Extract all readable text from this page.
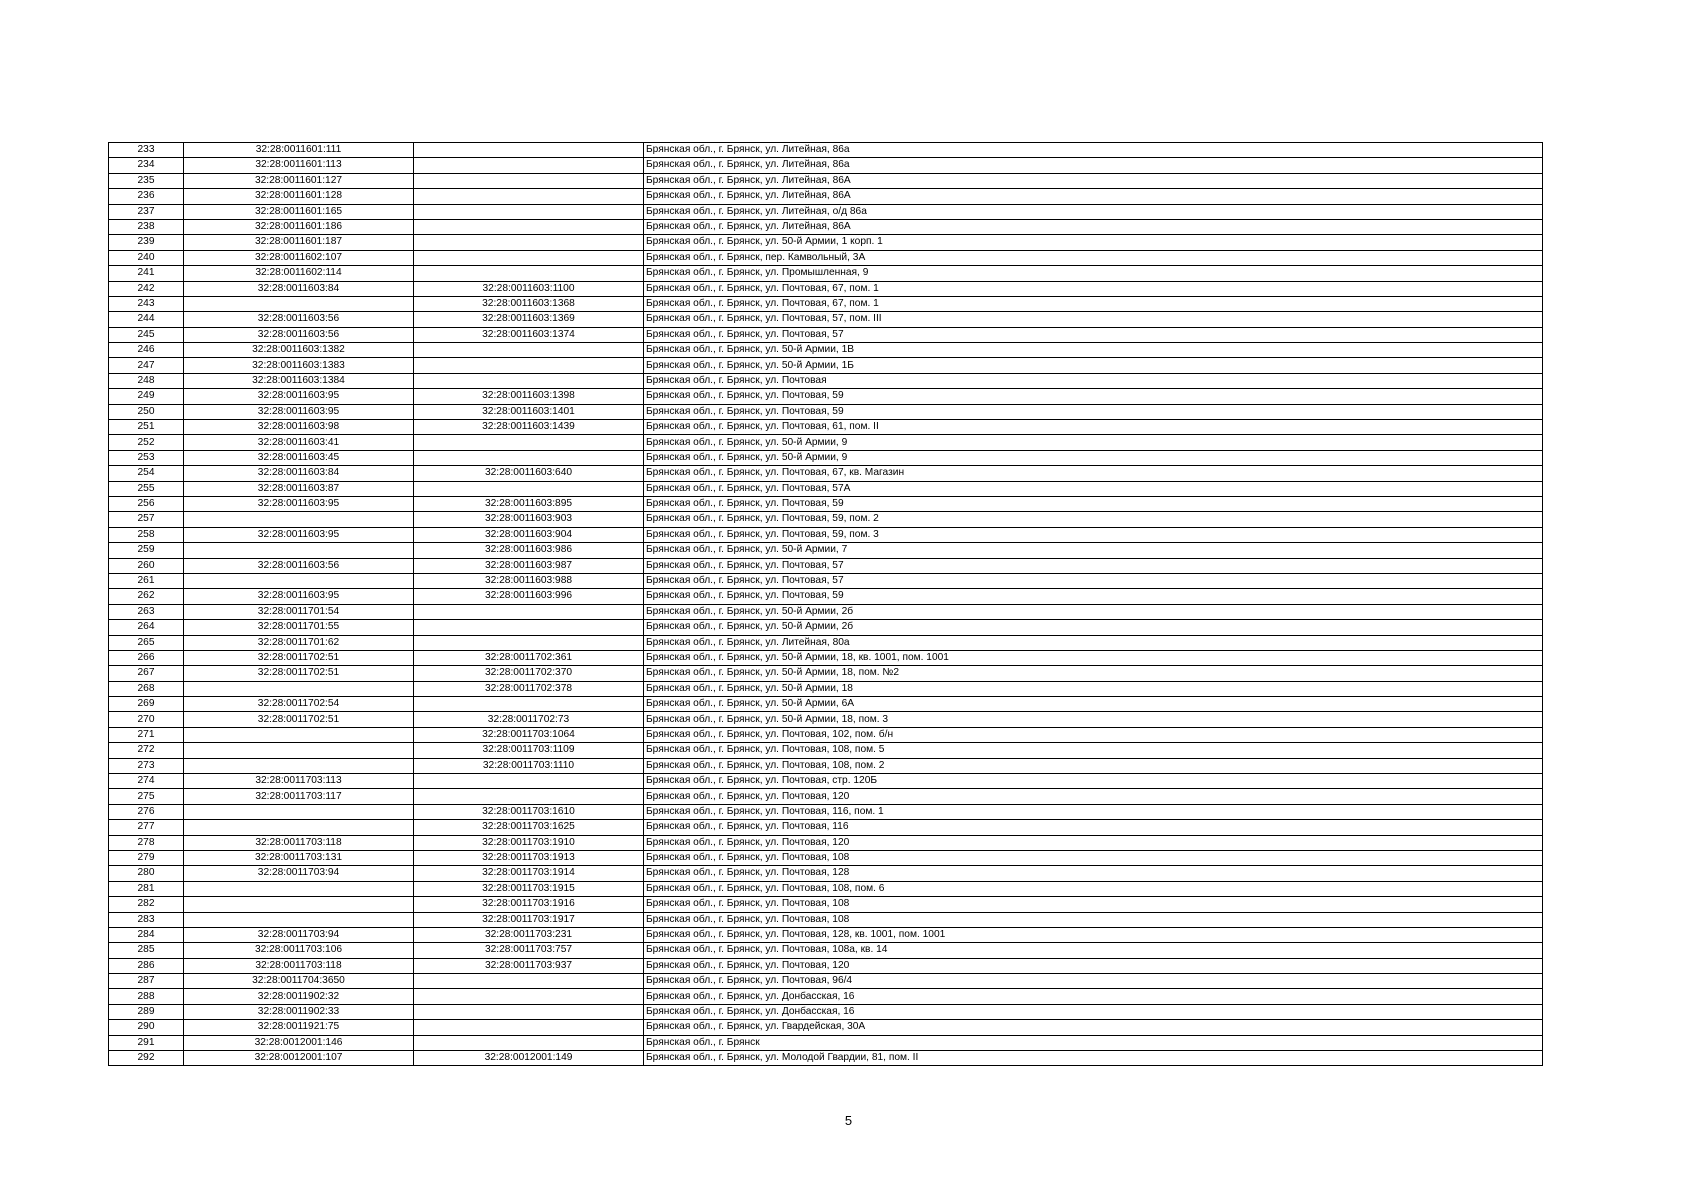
233	32:28:0011601:111		Брянская обл., г. Брянск, ул. Литейная, 86а
234	32:28:0011601:113		Брянская обл., г. Брянск, ул. Литейная, 86а
235	32:28:0011601:127		Брянская обл., г. Брянск, ул. Литейная, 86А
236	32:28:0011601:128		Брянская обл., г. Брянск, ул. Литейная, 86А
237	32:28:0011601:165		Брянская обл., г. Брянск, ул. Литейная, о/д 86а
238	32:28:0011601:186		Брянская обл., г. Брянск, ул. Литейная, 86А
239	32:28:0011601:187		Брянская обл., г. Брянск, ул. 50-й Армии, 1 корп. 1
240	32:28:0011602:107		Брянская обл., г. Брянск, пер. Камвольный, 3А
241	32:28:0011602:114		Брянская обл., г. Брянск, ул. Промышленная, 9
242	32:28:0011603:84	32:28:0011603:1100	Брянская обл., г. Брянск, ул. Почтовая, 67, пом. 1
243		32:28:0011603:1368	Брянская обл., г. Брянск, ул. Почтовая, 67, пом. 1
244	32:28:0011603:56	32:28:0011603:1369	Брянская обл., г. Брянск, ул. Почтовая, 57, пом. III
245	32:28:0011603:56	32:28:0011603:1374	Брянская обл., г. Брянск, ул. Почтовая, 57
246	32:28:0011603:1382		Брянская обл., г. Брянск, ул. 50-й Армии, 1В
247	32:28:0011603:1383		Брянская обл., г. Брянск, ул. 50-й Армии, 1Б
248	32:28:0011603:1384		Брянская обл., г. Брянск, ул. Почтовая
249	32:28:0011603:95	32:28:0011603:1398	Брянская обл., г. Брянск, ул. Почтовая, 59
250	32:28:0011603:95	32:28:0011603:1401	Брянская обл., г. Брянск, ул. Почтовая, 59
251	32:28:0011603:98	32:28:0011603:1439	Брянская обл., г. Брянск, ул. Почтовая, 61, пом. II
252	32:28:0011603:41		Брянская обл., г. Брянск, ул. 50-й Армии, 9
253	32:28:0011603:45		Брянская обл., г. Брянск, ул. 50-й Армии, 9
254	32:28:0011603:84	32:28:0011603:640	Брянская обл., г. Брянск, ул. Почтовая, 67, кв. Магазин
255	32:28:0011603:87		Брянская обл., г. Брянск, ул. Почтовая, 57А
256	32:28:0011603:95	32:28:0011603:895	Брянская обл., г. Брянск, ул. Почтовая, 59
257		32:28:0011603:903	Брянская обл., г. Брянск, ул. Почтовая, 59, пом. 2
258	32:28:0011603:95	32:28:0011603:904	Брянская обл., г. Брянск, ул. Почтовая, 59, пом. 3
259		32:28:0011603:986	Брянская обл., г. Брянск, ул. 50-й Армии, 7
260	32:28:0011603:56	32:28:0011603:987	Брянская обл., г. Брянск, ул. Почтовая, 57
261		32:28:0011603:988	Брянская обл., г. Брянск, ул. Почтовая, 57
262	32:28:0011603:95	32:28:0011603:996	Брянская обл., г. Брянск, ул. Почтовая, 59
263	32:28:0011701:54		Брянская обл., г. Брянск, ул. 50-й Армии, 2б
264	32:28:0011701:55		Брянская обл., г. Брянск, ул. 50-й Армии, 2б
265	32:28:0011701:62		Брянская обл., г. Брянск, ул. Литейная, 80а
266	32:28:0011702:51	32:28:0011702:361	Брянская обл., г. Брянск, ул. 50-й Армии, 18, кв. 1001, пом. 1001
267	32:28:0011702:51	32:28:0011702:370	Брянская обл., г. Брянск, ул. 50-й Армии, 18, пом. №2
268		32:28:0011702:378	Брянская обл., г. Брянск, ул. 50-й Армии, 18
269	32:28:0011702:54		Брянская обл., г. Брянск, ул. 50-й Армии, 6А
270	32:28:0011702:51	32:28:0011702:73	Брянская обл., г. Брянск, ул. 50-й Армии, 18, пом. 3
271		32:28:0011703:1064	Брянская обл., г. Брянск, ул. Почтовая, 102, пом. б/н
272		32:28:0011703:1109	Брянская обл., г. Брянск, ул. Почтовая, 108, пом. 5
273		32:28:0011703:1110	Брянская обл., г. Брянск, ул. Почтовая, 108, пом. 2
274	32:28:0011703:113		Брянская обл., г. Брянск, ул. Почтовая, стр. 120Б
275	32:28:0011703:117		Брянская обл., г. Брянск, ул. Почтовая, 120
276		32:28:0011703:1610	Брянская обл., г. Брянск, ул. Почтовая, 116, пом. 1
277		32:28:0011703:1625	Брянская обл., г. Брянск, ул. Почтовая, 116
278	32:28:0011703:118	32:28:0011703:1910	Брянская обл., г. Брянск, ул. Почтовая, 120
279	32:28:0011703:131	32:28:0011703:1913	Брянская обл., г. Брянск, ул. Почтовая, 108
280	32:28:0011703:94	32:28:0011703:1914	Брянская обл., г. Брянск, ул. Почтовая, 128
281		32:28:0011703:1915	Брянская обл., г. Брянск, ул. Почтовая, 108, пом. 6
282		32:28:0011703:1916	Брянская обл., г. Брянск, ул. Почтовая, 108
283		32:28:0011703:1917	Брянская обл., г. Брянск, ул. Почтовая, 108
284	32:28:0011703:94	32:28:0011703:231	Брянская обл., г. Брянск, ул. Почтовая, 128, кв. 1001, пом. 1001
285	32:28:0011703:106	32:28:0011703:757	Брянская обл., г. Брянск, ул. Почтовая, 108а, кв. 14
286	32:28:0011703:118	32:28:0011703:937	Брянская обл., г. Брянск, ул. Почтовая, 120
287	32:28:0011704:3650		Брянская обл., г. Брянск, ул. Почтовая, 96/4
288	32:28:0011902:32		Брянская обл., г. Брянск, ул. Донбасская, 16
289	32:28:0011902:33		Брянская обл., г. Брянск, ул. Донбасская, 16
290	32:28:0011921:75		Брянская обл., г. Брянск, ул. Гвардейская, 30А
291	32:28:0012001:146		Брянская обл., г. Брянск
292	32:28:0012001:107	32:28:0012001:149	Брянская обл., г. Брянск, ул. Молодой Гвардии, 81, пом. II
5
